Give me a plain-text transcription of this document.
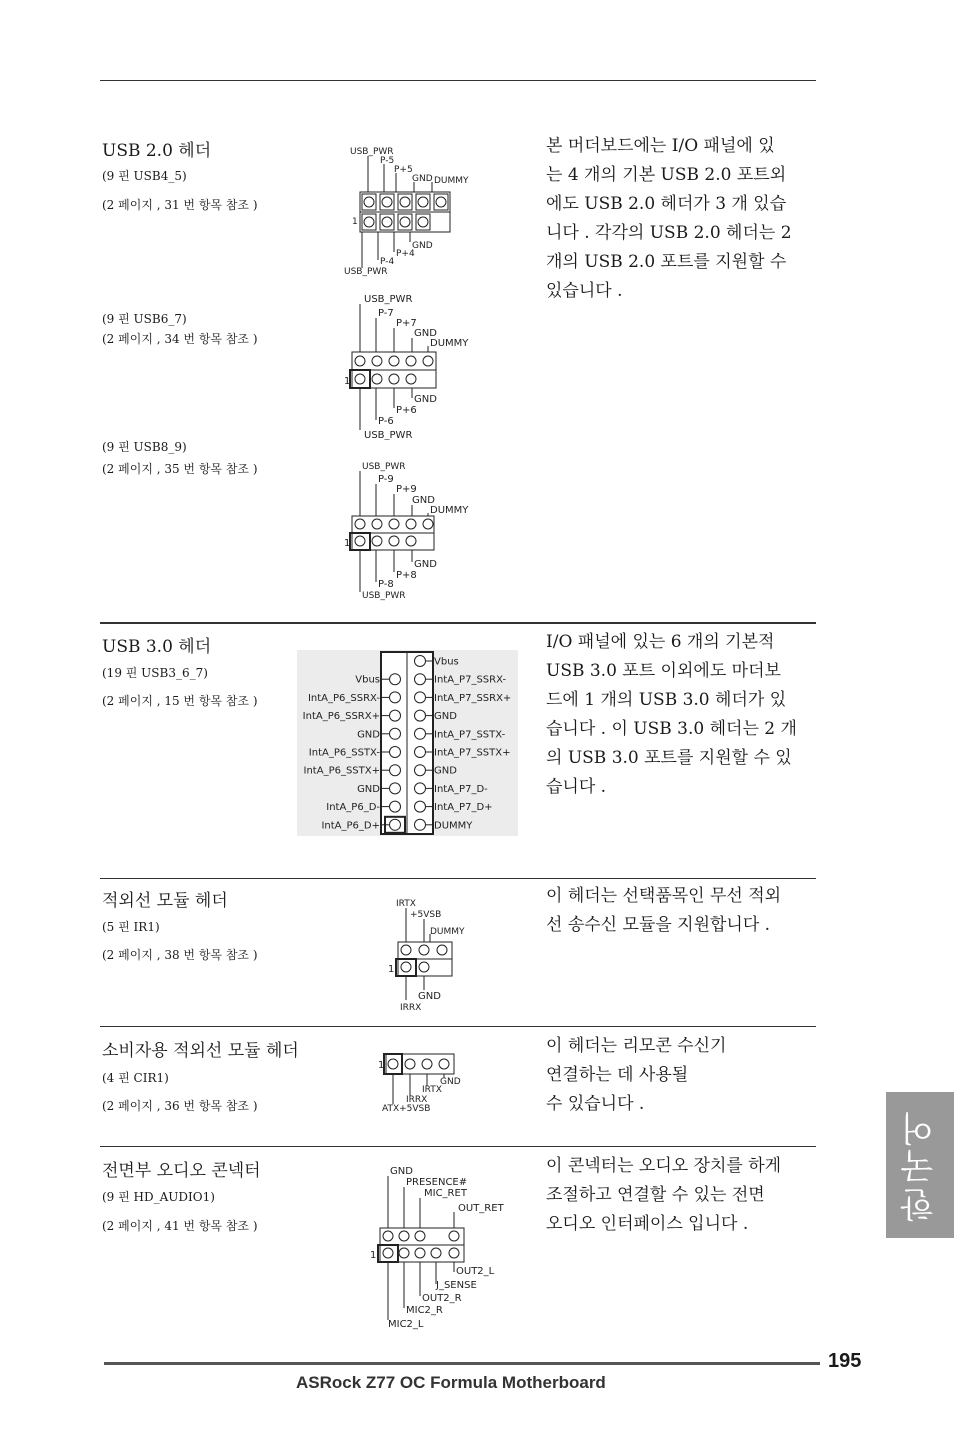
USB 2.0 헤더
(9 핀 USB4_5)
(2 페이지 , 31 번 항목 참조 )
(9 핀 USB6_7)
(2 페이지 , 34 번 항목 참조 )
(9 핀 USB8_9)
(2 페이지 , 35 번 항목 참조 )

본 머더보드에는 I/O 패널에 있

는 4 개의 기본 USB 2.0 포트외

에도 USB 2.0 헤더가 3 개 있습

니다 . 각각의 USB 2.0 헤더는 2

개의 USB 2.0 포트를 지원할 수

있습니다 .

USB_PWR
P-5
P+5
GND DUMMY
1
GND
P+4
P-4
USB_PWR
USB_PWR
P-7
P+7
GND
DUMMY
1
GND
P+6
P-6
USB_PWR
USB_PWR
P-9
P+9
GND
DUMMY
1
GND
P+8
P-8
USB_PWR
USB 3.0 헤더
(19 핀 USB3_6_7)
(2 페이지 , 15 번 항목 참조 )

I/O 패널에 있는 6 개의 기본적

USB 3.0 포트 이외에도 마더보

드에 1 개의 USB 3.0 헤더가 있

습니다 . 이 USB 3.0 헤더는 2 개

의 USB 3.0 포트를 지원할 수 있

습니다 .

Vbus
IntA_P7_SSRX-
Vbus
IntA_P7_SSRX+
IntA_P6_SSRX-
GND
IntA_P6_SSRX+
IntA_P7_SSTX-
GND
IntA_P7_SSTX+
IntA_P6_SSTX-
GND
IntA_P6_SSTX+
IntA_P7_D-
GND
IntA_P7_D+
IntA_P6_D-
DUMMY
IntA_P6_D+
적외선 모듈 헤더
(5 핀 IR1)
(2 페이지 , 38 번 항목 참조 )

이 헤더는 선택품목인 무선 적외

선 송수신 모듈을 지원합니다 .

IRTX
+5VSB
DUMMY
1
GND
IRRX
소비자용 적외선 모듈 헤더
(4 핀 CIR1)
(2 페이지 , 36 번 항목 참조 )

이 헤더는 리모콘 수신기

연결하는 데 사용될

수 있습니다 .

1
GND
IRTX
IRRX
ATX+5VSB
전면부 오디오 콘넥터
(9 핀 HD_AUDIO1)
(2 페이지 , 41 번 항목 참조 )

이 콘넥터는 오디오 장치를 하게

조절하고 연결할 수 있는 전면

오디오 인터페이스 입니다 .

GND
PRESENCE#
MIC_RET
OUT_RET
1
OUT2_L
J_SENSE
OUT2_R
MIC2_R
MIC2_L
한국어
195
ASRock Z77 OC Formula Motherboard
